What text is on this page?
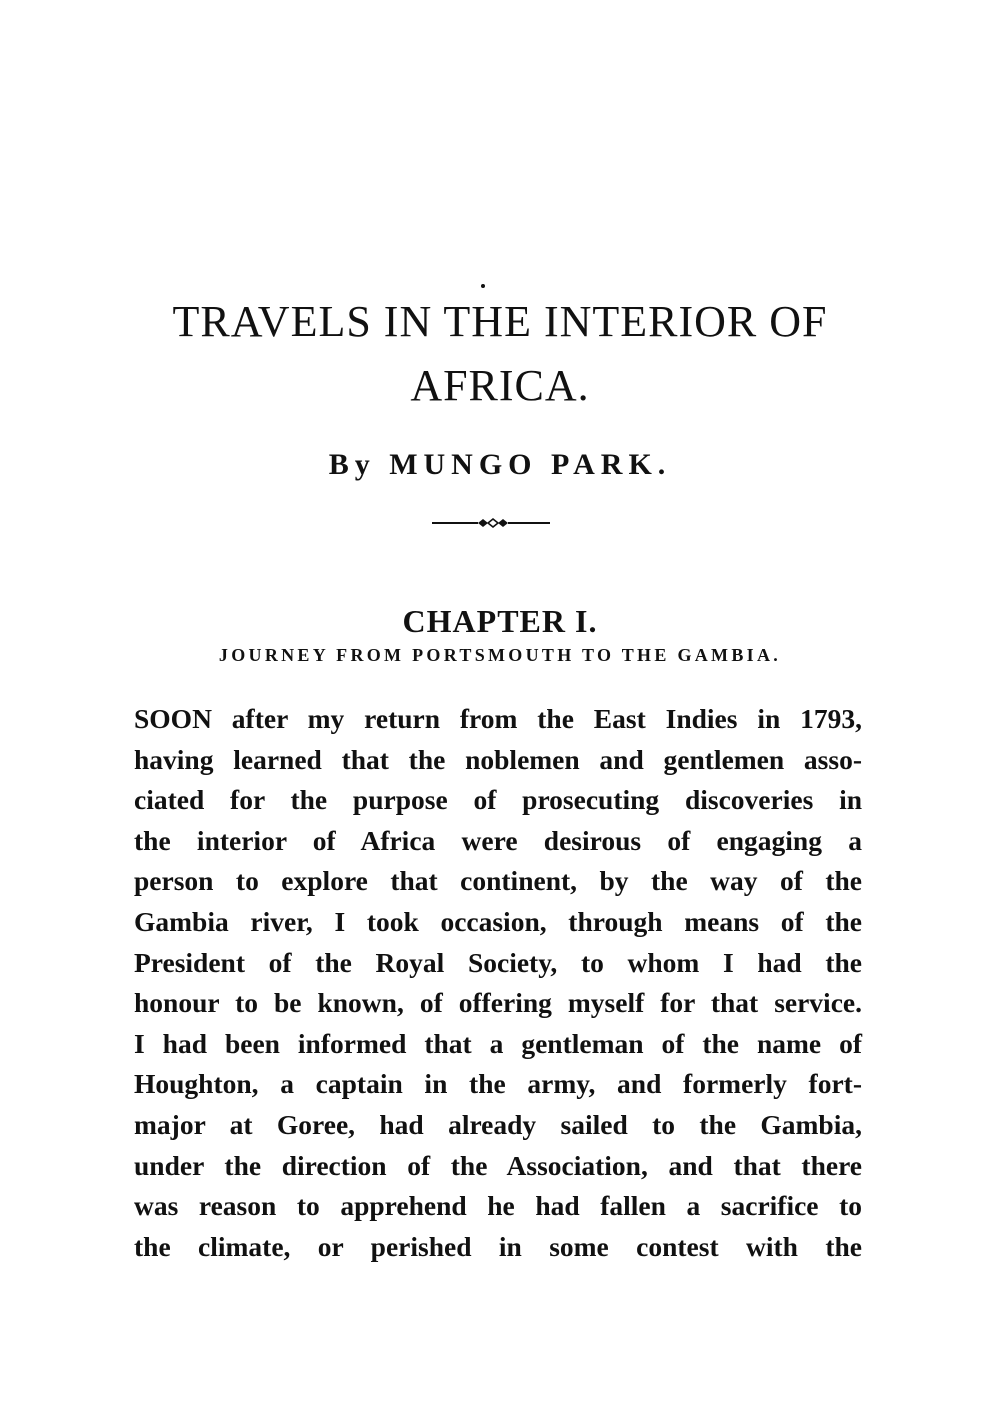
TRAVELS IN THE INTERIOR OF
AFRICA.
By MUNGO PARK.
CHAPTER I.
JOURNEY FROM PORTSMOUTH TO THE GAMBIA.
SOON after my return from the East Indies in 1793,
having learned that the noblemen and gentlemen asso-
ciated for the purpose of prosecuting discoveries in
the interior of Africa were desirous of engaging a
person to explore that continent, by the way of the
Gambia river, I took occasion, through means of the
President of the Royal Society, to whom I had the
honour to be known, of offering myself for that service.
I had been informed that a gentleman of the name of
Houghton, a captain in the army, and formerly fort-
major at Goree, had already sailed to the Gambia,
under the direction of the Association, and that there
was reason to apprehend he had fallen a sacrifice to
the climate, or perished in some contest with the
